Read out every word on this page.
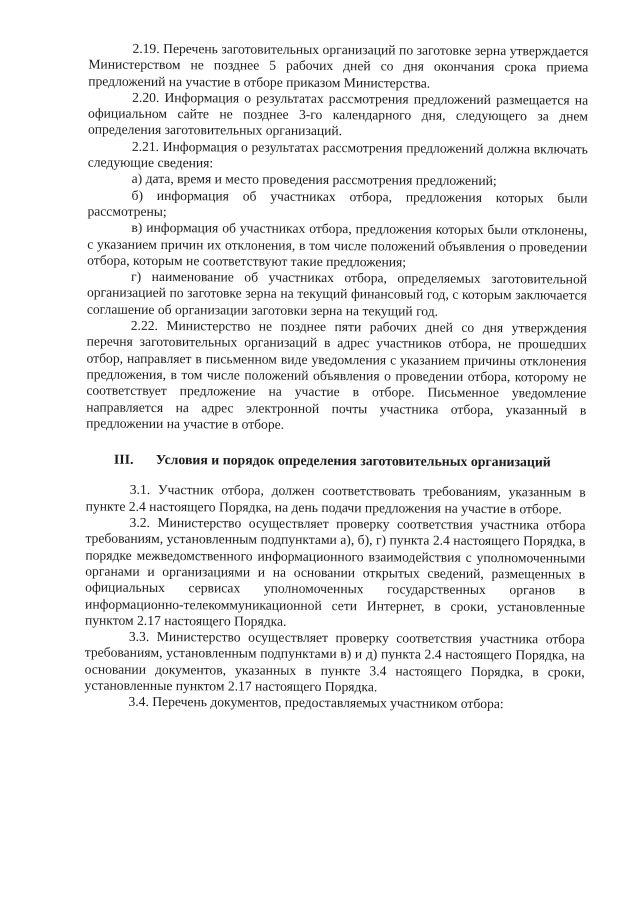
2.19. Перечень заготовительных организаций по заготовке зерна утверждается Министерством не позднее 5 рабочих дней со дня окончания срока приема предложений на участие в отборе приказом Министерства.

2.20. Информация о результатах рассмотрения предложений размещается на официальном сайте не позднее 3-го календарного дня, следующего за днем определения заготовительных организаций.

2.21. Информация о результатах рассмотрения предложений должна включать следующие сведения:

а) дата, время и место проведения рассмотрения предложений;

б) информация об участниках отбора, предложения которых были рассмотрены;

в) информация об участниках отбора, предложения которых были отклонены, с указанием причин их отклонения, в том числе положений объявления о проведении отбора, которым не соответствуют такие предложения;

г) наименование об участниках отбора, определяемых заготовительной организацией по заготовке зерна на текущий финансовый год, с которым заключается соглашение об организации заготовки зерна на текущий год.

2.22. Министерство не позднее пяти рабочих дней со дня утверждения перечня заготовительных организаций в адрес участников отбора, не прошедших отбор, направляет в письменном виде уведомления с указанием причины отклонения предложения, в том числе положений объявления о проведении отбора, которому не соответствует предложение на участие в отборе. Письменное уведомление направляется на адрес электронной почты участника отбора, указанный в предложении на участие в отборе.

III. Условия и порядок определения заготовительных организаций

3.1. Участник отбора, должен соответствовать требованиям, указанным в пункте 2.4 настоящего Порядка, на день подачи предложения на участие в отборе.

3.2. Министерство осуществляет проверку соответствия участника отбора требованиям, установленным подпунктами а), б), г) пункта 2.4 настоящего Порядка, в порядке межведомственного информационного взаимодействия с уполномоченными органами и организациями и на основании открытых сведений, размещенных в официальных сервисах уполномоченных государственных органов в информационно-телекоммуникационной сети Интернет, в сроки, установленные пунктом 2.17 настоящего Порядка.

3.3. Министерство осуществляет проверку соответствия участника отбора требованиям, установленным подпунктами в) и д) пункта 2.4 настоящего Порядка, на основании документов, указанных в пункте 3.4 настоящего Порядка, в сроки, установленные пунктом 2.17 настоящего Порядка.

3.4. Перечень документов, предоставляемых участником отбора:
